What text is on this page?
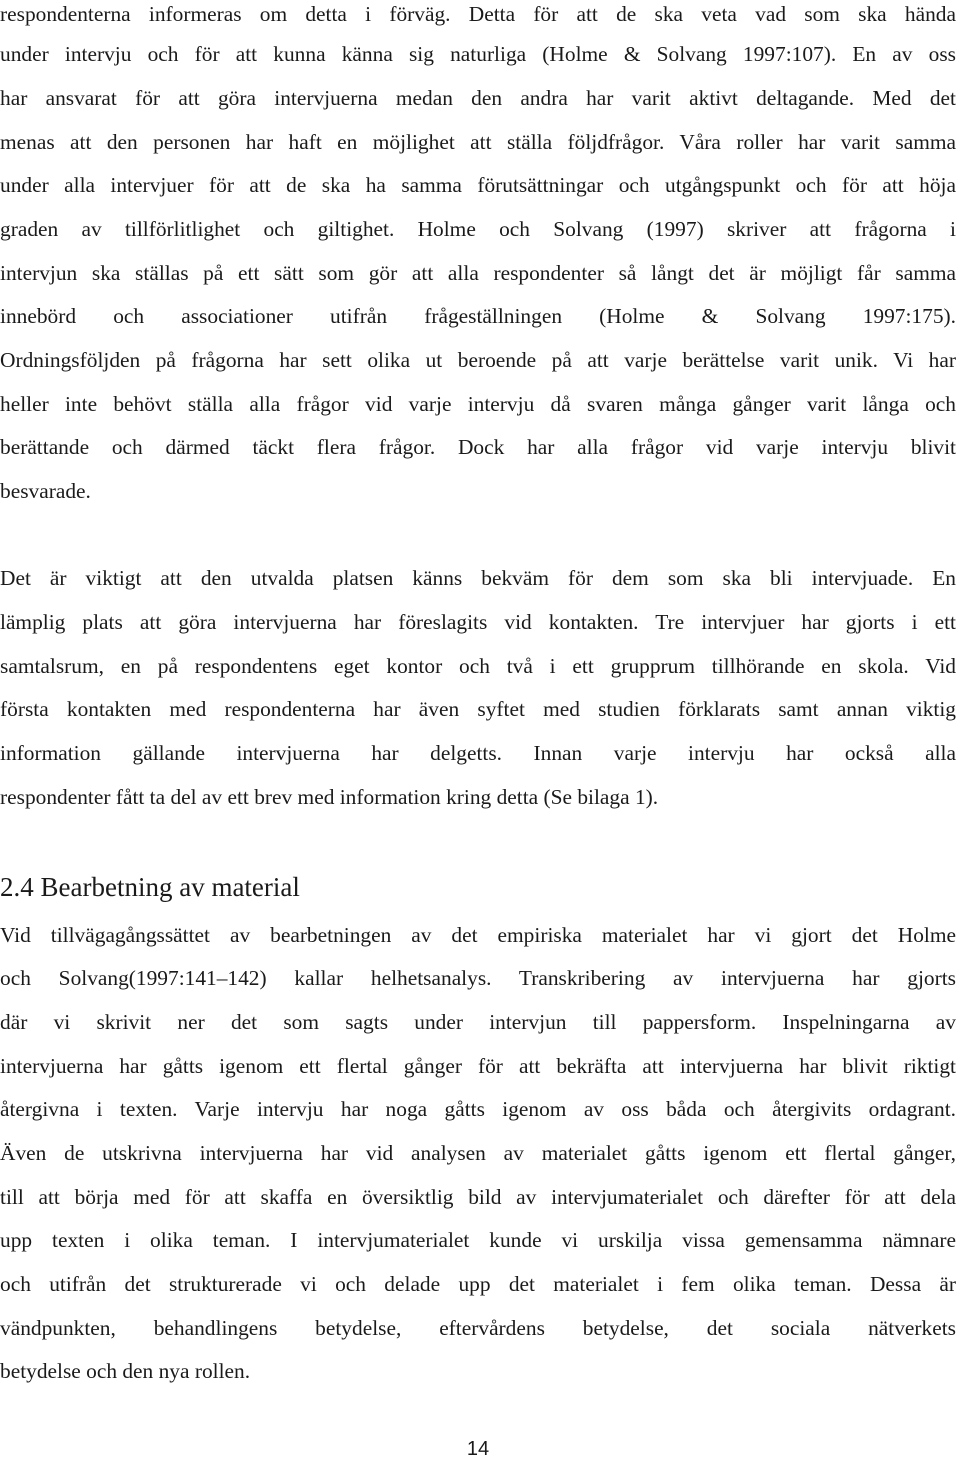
respondenterna informeras om detta i förväg. Detta för att de ska veta vad som ska hända
under intervju och för att kunna känna sig naturliga (Holme & Solvang 1997:107). En av oss
har ansvarat för att göra intervjuerna medan den andra har varit aktivt deltagande. Med det
menas att den personen har haft en möjlighet att ställa följdfrågor. Våra roller har varit samma
under alla intervjuer för att de ska ha samma förutsättningar och utgångspunkt och för att höja
graden av tillförlitlighet och giltighet. Holme och Solvang (1997) skriver att frågorna i
intervjun ska ställas på ett sätt som gör att alla respondenter så långt det är möjligt får samma
innebörd och associationer utifrån frågeställningen (Holme & Solvang 1997:175).
Ordningsföljden på frågorna har sett olika ut beroende på att varje berättelse varit unik. Vi har
heller inte behövt ställa alla frågor vid varje intervju då svaren många gånger varit långa och
berättande och därmed täckt flera frågor. Dock har alla frågor vid varje intervju blivit
besvarade.
Det är viktigt att den utvalda platsen känns bekväm för dem som ska bli intervjuade. En
lämplig plats att göra intervjuerna har föreslagits vid kontakten. Tre intervjuer har gjorts i ett
samtalsrum, en på respondentens eget kontor och två i ett grupprum tillhörande en skola. Vid
första kontakten med respondenterna har även syftet med studien förklarats samt annan viktig
information gällande intervjuerna har delgetts. Innan varje intervju har också alla
respondenter fått ta del av ett brev med information kring detta (Se bilaga 1).
2.4 Bearbetning av material
Vid tillvägagångssättet av bearbetningen av det empiriska materialet har vi gjort det Holme
och Solvang(1997:141–142) kallar helhetsanalys. Transkribering av intervjuerna har gjorts
där vi skrivit ner det som sagts under intervjun till pappersform. Inspelningarna av
intervjuerna har gåtts igenom ett flertal gånger för att bekräfta att intervjuerna har blivit riktigt
återgivna i texten. Varje intervju har noga gåtts igenom av oss båda och återgivits ordagrant.
Även de utskrivna intervjuerna har vid analysen av materialet gåtts igenom ett flertal gånger,
till att börja med för att skaffa en översiktlig bild av intervjumaterialet och därefter för att dela
upp texten i olika teman. I intervjumaterialet kunde vi urskilja vissa gemensamma nämnare
och utifrån det strukturerade vi och delade upp det materialet i fem olika teman. Dessa är
vändpunkten, behandlingens betydelse, eftervårdens betydelse, det sociala nätverkets
betydelse och den nya rollen.
14
